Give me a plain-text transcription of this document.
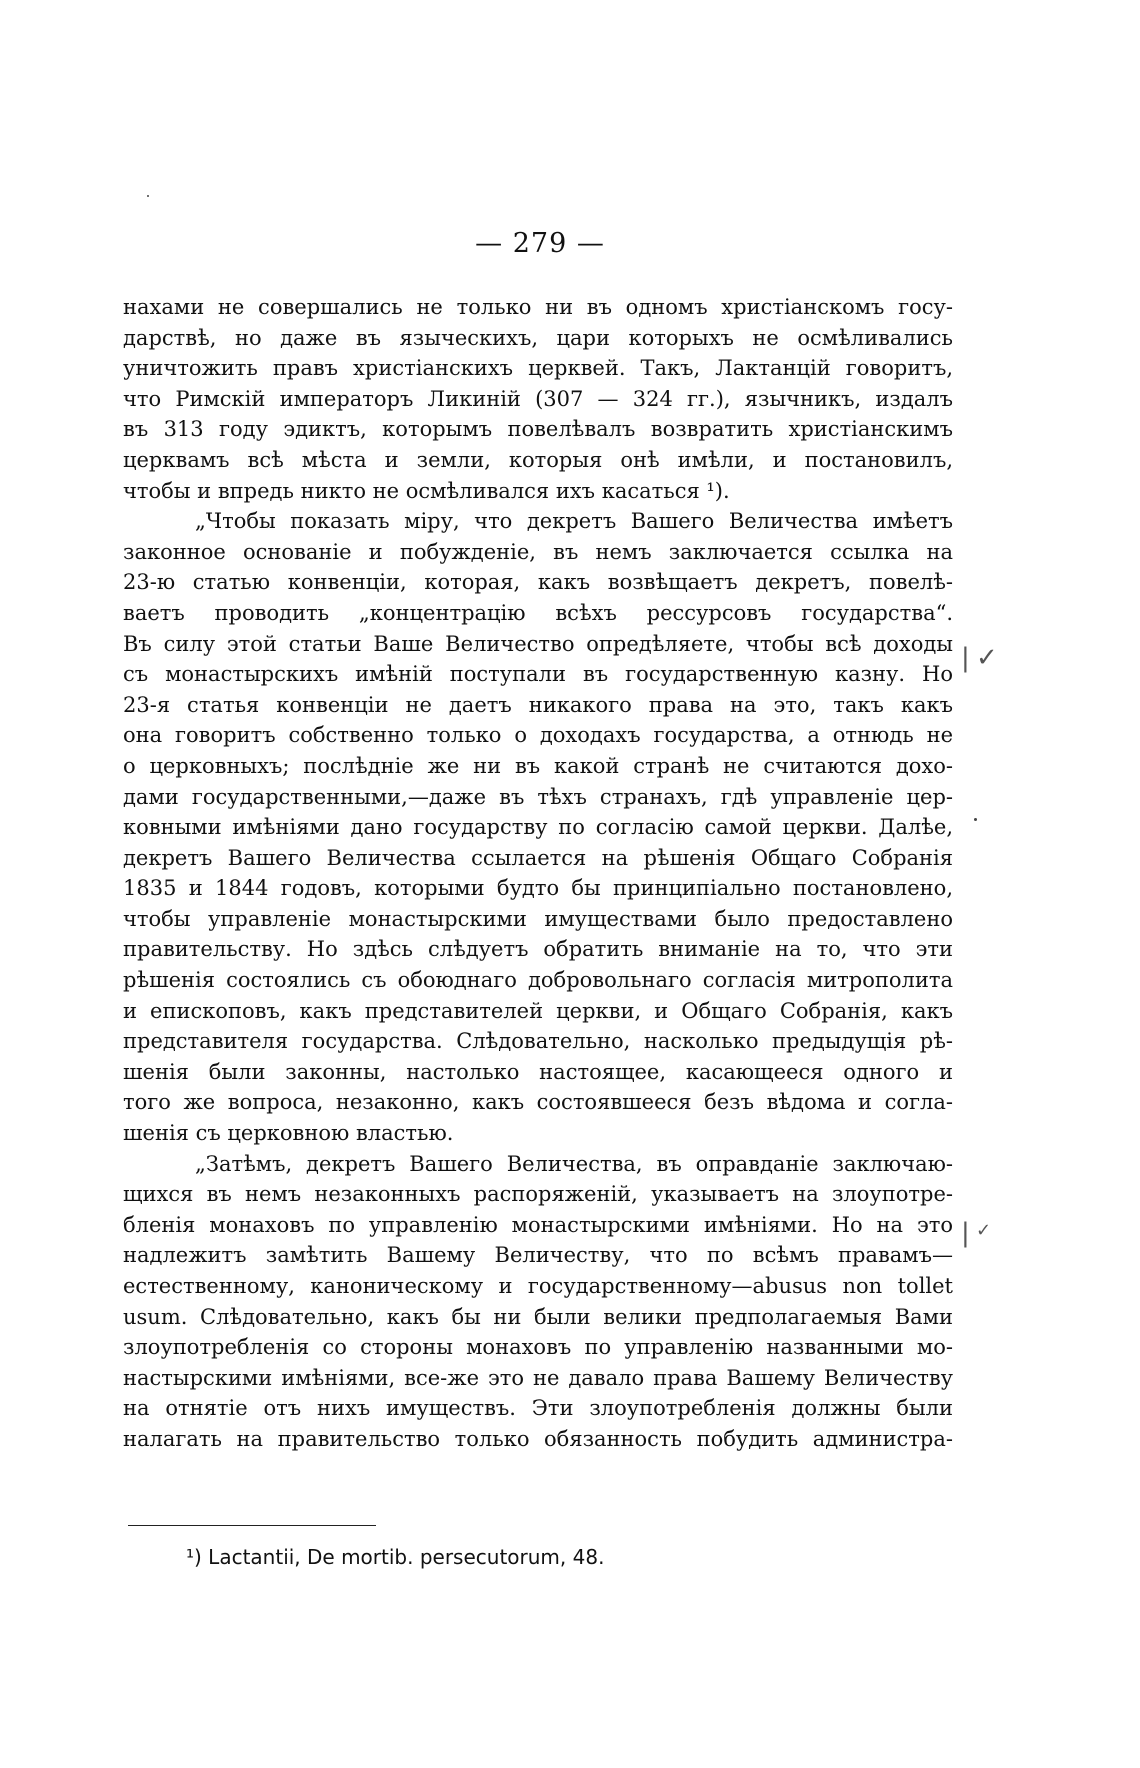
— 279 —
нахами не совершались не только ни въ одномъ христіанскомъ госу-
дарствѣ, но даже въ языческихъ, цари которыхъ не осмѣливались
уничтожить правъ христіанскихъ церквей. Такъ, Лактанцій говоритъ,
что Римскій императоръ Ликиній (307 — 324 гг.), язычникъ, издалъ
въ 313 году эдиктъ, которымъ повелѣвалъ возвратить христіанскимъ
церквамъ всѣ мѣста и земли, которыя онѣ имѣли, и постановилъ,
чтобы и впредь никто не осмѣливался ихъ касаться ¹).
„Чтобы показать міру, что декретъ Вашего Величества имѣетъ
законное основаніе и побужденіе, въ немъ заключается ссылка на
23-ю статью конвенціи, которая, какъ возвѣщаетъ декретъ, повелѣ-
ваетъ проводить „концентрацію всѣхъ рессурсовъ государства“.
Въ силу этой статьи Ваше Величество опредѣляете, чтобы всѣ доходы
съ монастырскихъ имѣній поступали въ государственную казну. Но
23-я статья конвенціи не даетъ никакого права на это, такъ какъ
она говоритъ собственно только о доходахъ государства, а отнюдь не
о церковныхъ; послѣдніе же ни въ какой странѣ не считаются дохо-
дами государственными,—даже въ тѣхъ странахъ, гдѣ управленіе цер-
ковными имѣніями дано государству по согласію самой церкви. Далѣе,
декретъ Вашего Величества ссылается на рѣшенія Общаго Собранія
1835 и 1844 годовъ, которыми будто бы принципіально постановлено,
чтобы управленіе монастырскими имуществами было предоставлено
правительству. Но здѣсь слѣдуетъ обратить вниманіе на то, что эти
рѣшенія состоялись съ обоюднаго добровольнаго согласія митрополита
и епископовъ, какъ представителей церкви, и Общаго Собранія, какъ
представителя государства. Слѣдовательно, насколько предыдущія рѣ-
шенія были законны, настолько настоящее, касающееся одного и
того же вопроса, незаконно, какъ состоявшееся безъ вѣдома и согла-
шенія съ церковною властью.
„Затѣмъ, декретъ Вашего Величества, въ оправданіе заключаю-
щихся въ немъ незаконныхъ распоряженій, указываетъ на злоупотре-
бленія монаховъ по управленію монастырскими имѣніями. Но на это
надлежитъ замѣтить Вашему Величеству, что по всѣмъ правамъ—
естественному, каноническому и государственному—abusus non tollet
usum. Слѣдовательно, какъ бы ни были велики предполагаемыя Вами
злоупотребленія со стороны монаховъ по управленію названными мо-
настырскими имѣніями, все-же это не давало права Вашему Величеству
на отнятіе отъ нихъ имуществъ. Эти злоупотребленія должны были
налагать на правительство только обязанность побудить администра-
¹) Lactantii, De mortib. persecutorum, 48.
| ✓
| ✓
